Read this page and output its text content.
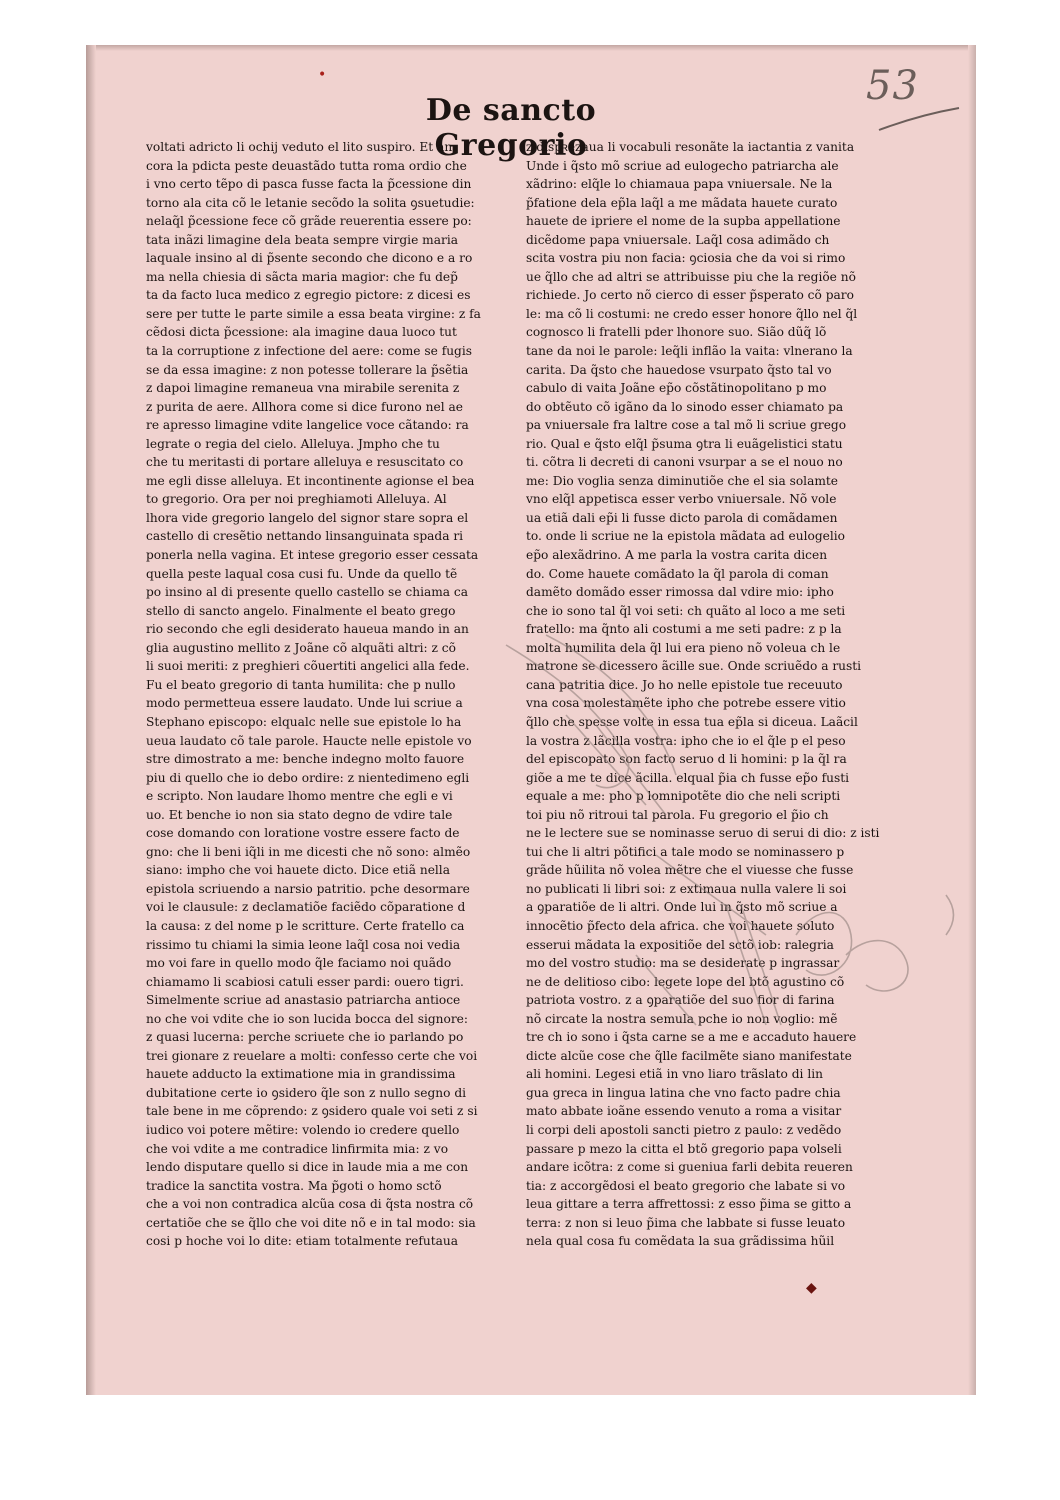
53
De sancto Gregorio
voltati adricto li ochij veduto el lito suspiro. Et an
cora la pdicta peste deuastãdo tutta roma ordio che
i vno certo tẽpo di pasca fusse facta la p̃cessione din
torno ala cita cõ le letanie secõdo la solita ꝯsuetudie:
nelaq̃l p̃cessione fece cõ grãde reuerentia essere po:
tata inãzi limagine dela beata sempre virgie maria
laquale insino al di p̃sente secondo che dicono e a ro
ma nella chiesia di sãcta maria magior: che fu dep̃
ta da facto luca medico z egregio pictore: z dicesi es
sere per tutte le parte simile a essa beata virgine: z fa
cẽdosi dicta p̃cessione: ala imagine daua luoco tut
ta la corruptione z infectione del aere: come se fugis
se da essa imagine: z non potesse tollerare la p̃sẽtia
z dapoi limagine remaneua vna mirabile serenita z
z purita de aere. Allhora come si dice furono nel ae
re apresso limagine vdite langelice voce cãtando: ra
legrate o regia del cielo. Alleluya. Jmpho che tu
che tu meritasti di portare alleluya e resuscitato co
me egli disse alleluya. Et incontinente agionse el bea
to gregorio. Ora per noi preghiamoti Alleluya. Al
lhora vide gregorio langelo del signor stare sopra el
castello di cresẽtio nettando linsanguinata spada ri
ponerla nella vagina. Et intese gregorio esser cessata
quella peste laqual cosa cusi fu. Unde da quello tẽ
po insino al di presente quello castello se chiama ca
stello di sancto angelo. Finalmente el beato grego
rio secondo che egli desiderato haueua mando in an
glia augustino mellito z Joãne cõ alquãti altri: z cõ
li suoi meriti: z preghieri cõuertiti angelici alla fede.
Fu el beato gregorio di tanta humilita: che p nullo
modo permetteua essere laudato. Unde lui scriue a
Stephano episcopo: elqualc nelle sue epistole lo ha
ueua laudato cõ tale parole. Haucte nelle epistole vo
stre dimostrato a me: benche indegno molto fauore
piu di quello che io debo ordire: z nientedimeno egli
e scripto. Non laudare lhomo mentre che egli e vi
uo. Et benche io non sia stato degno de vdire tale
cose domando con loratione vostre essere facto de
gno: che li beni iq̃li in me dicesti che nõ sono: almẽo
siano: impho che voi hauete dicto. Dice etiã nella
epistola scriuendo a narsio patritio. pche desormare
voi le clausule: z declamatiõe faciẽdo cõparatione d
la causa: z del nome p le scritture. Certe fratello ca
rissimo tu chiami la simia leone laq̃l cosa noi vedia
mo voi fare in quello modo q̃le faciamo noi quãdo
chiamamo li scabiosi catuli esser pardi: ouero tigri.
Simelmente scriue ad anastasio patriarcha antioce
no che voi vdite che io son lucida bocca del signore:
z quasi lucerna: perche scriuete che io parlando po
trei gionare z reuelare a molti: confesso certe che voi
hauete adducto la extimatione mia in grandissima
dubitatione certe io ꝯsidero q̃le son z nullo segno di
tale bene in me cõprendo: z ꝯsidero quale voi seti z si
iudico voi potere mẽtire: volendo io credere quello
che voi vdite a me contradice linfirmita mia: z vo
lendo disputare quello si dice in laude mia a me con
tradice la sanctita vostra. Ma p̃goti o homo sctõ
che a voi non contradica alcũa cosa di q̃sta nostra cõ
certatiõe che se q̃llo che voi dite nõ e in tal modo: sia
cosi p hoche voi lo dite: etiam totalmente refutaua
z dispꝛezaua li vocabuli resonãte la iactantia z vanita
Unde i q̃sto mõ scriue ad eulogecho patriarcha ale
xãdrino: elq̃le lo chiamaua papa vniuersale. Ne la
p̃fatione dela ep̃la laq̃l a me mãdata hauete curato
hauete de ipriere el nome de la supba appellatione
dicẽdome papa vniuersale. Laq̃l cosa adimãdo ch
scita vostra piu non facia: ꝯciosia che da voi si rimo
ue q̃llo che ad altri se attribuisse piu che la regiõe nõ
richiede. Jo certo nõ cierco di esser p̃sperato cõ paro
le: ma cõ li costumi: ne credo esser honore q̃llo nel q̃l
cognosco li fratelli pder lhonore suo. Sião dũq̃ lõ
tane da noi le parole: leq̃li inflão la vaita: vlnerano la
carita. Da q̃sto che hauedose vsurpato q̃sto tal vo
cabulo di vaita Joãne ep̃o cõstãtinopolitano p mo
do obtẽuto cõ igãno da lo sinodo esser chiamato pa
pa vniuersale fra laltre cose a tal mõ li scriue grego
rio. Qual e q̃sto elq̃l p̃suma ꝯtra li euãgelistici statu
ti. cõtra li decreti di canoni vsurpar a se el nouo no
me: Dio voglia senza diminutiõe che el sia solamte
vno elq̃l appetisca esser verbo vniuersale. Nõ vole
ua etiã dali ep̃i li fusse dicto parola di comãdamen
to. onde li scriue ne la epistola mãdata ad eulogelio
ep̃o alexãdrino. A me parla la vostra carita dicen
do. Come hauete comãdato la q̃l parola di coman
damẽto domãdo esser rimossa dal vdire mio: ipho
che io sono tal q̃l voi seti: ch quãto al loco a me seti
fratello: ma q̃nto ali costumi a me seti padre: z p la
molta humilita dela q̃l lui era pieno nõ voleua ch le
matrone se dicessero ãcille sue. Onde scriuẽdo a rusti
cana patritia dice. Jo ho nelle epistole tue receuuto
vna cosa molestamẽte ipho che potrebe essere vitio
q̃llo che spesse volte in essa tua ep̃la si diceua. Laãcil
la vostra z lãcilla vostra: ipho che io el q̃le p el peso
del episcopato son facto seruo d li homini: p la q̃l ra
giõe a me te dice ãcilla. elqual p̃ia ch fusse ep̃o fusti
equale a me: pho p lomnipotẽte dio che neli scripti
toi piu nõ ritroui tal parola. Fu gregorio el p̃io ch
ne le lectere sue se nominasse seruo di serui di dio: z isti
tui che li altri põtifici a tale modo se nominassero p
grãde hũilita nõ volea mẽtre che el viuesse che fusse
no publicati li libri soi: z extimaua nulla valere li soi
a ꝯparatiõe de li altri. Onde lui in q̃sto mõ scriue a
innocẽtio p̃fecto dela africa. che voi hauete soluto
esserui mãdata la expositiõe del sctõ iob: ralegria
mo del vostro studio: ma se desiderate p ingrassar
ne de delitioso cibo: legete lope del btõ agustino cõ
patriota vostro. z a ꝯparatiõe del suo fior di farina
nõ circate la nostra semula pche io non voglio: mẽ
tre ch io sono i q̃sta carne se a me e accaduto hauere
dicte alcũe cose che q̃lle facilmẽte siano manifestate
ali homini. Legesi etiã in vno liaro trãslato di lin
gua greca in lingua latina che vno facto padre chia
mato abbate ioãne essendo venuto a roma a visitar
li corpi deli apostoli sancti pietro z paulo: z vedẽdo
passare p mezo la citta el btõ gregorio papa volseli
andare icõtra: z come si gueniua farli debita reueren
tia: z accorgẽdosi el beato gregorio che labate si vo
leua gittare a terra affrettossi: z esso p̃ima se gitto a
terra: z non si leuo p̃ima che labbate si fusse leuato
nela qual cosa fu comẽdata la sua grãdissima hũil
•
◆
